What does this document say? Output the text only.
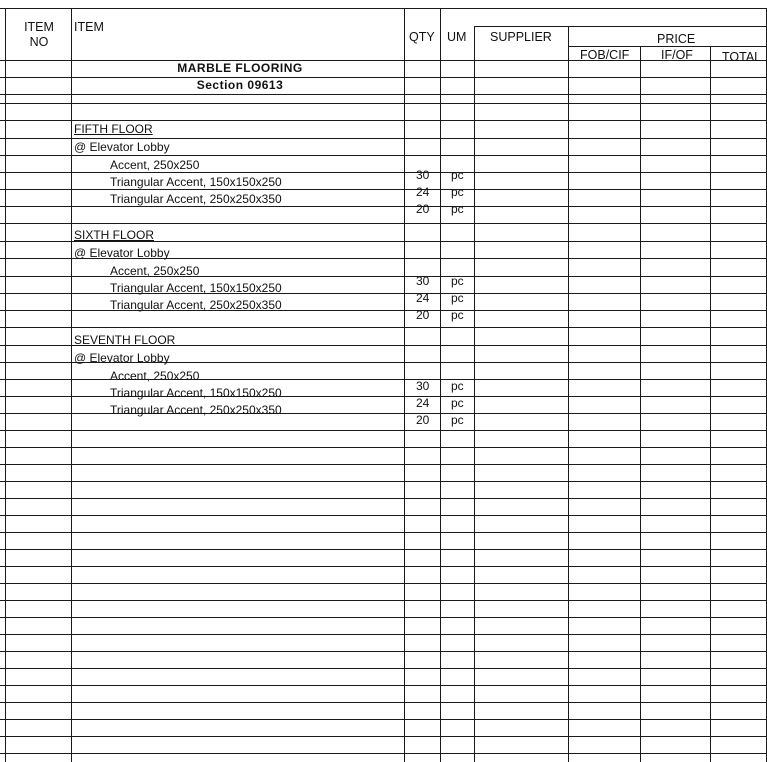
ITEM
NO
ITEM
QTY UM SUPPLIER	PRICE
FOB/CIF	IF/OF TOTAL
MARBLE FLOORING
Section 09613
FIFTH FLOOR
@ Elevator Lobby
Accent, 250x250
30 pc
Triangular Accent, 150x150x250
24 pc
Triangular Accent, 250x250x350
20 pc
SIXTH FLOOR
@ Elevator Lobby
Accent, 250x250
30 pc
Triangular Accent, 150x150x250
24 pc
Triangular Accent, 250x250x350
20 pc
SEVENTH FLOOR
@ Elevator Lobby
Accent, 250x250
30 pc
Triangular Accent, 150x150x250
24 pc
Triangular Accent, 250x250x350
20 pc
